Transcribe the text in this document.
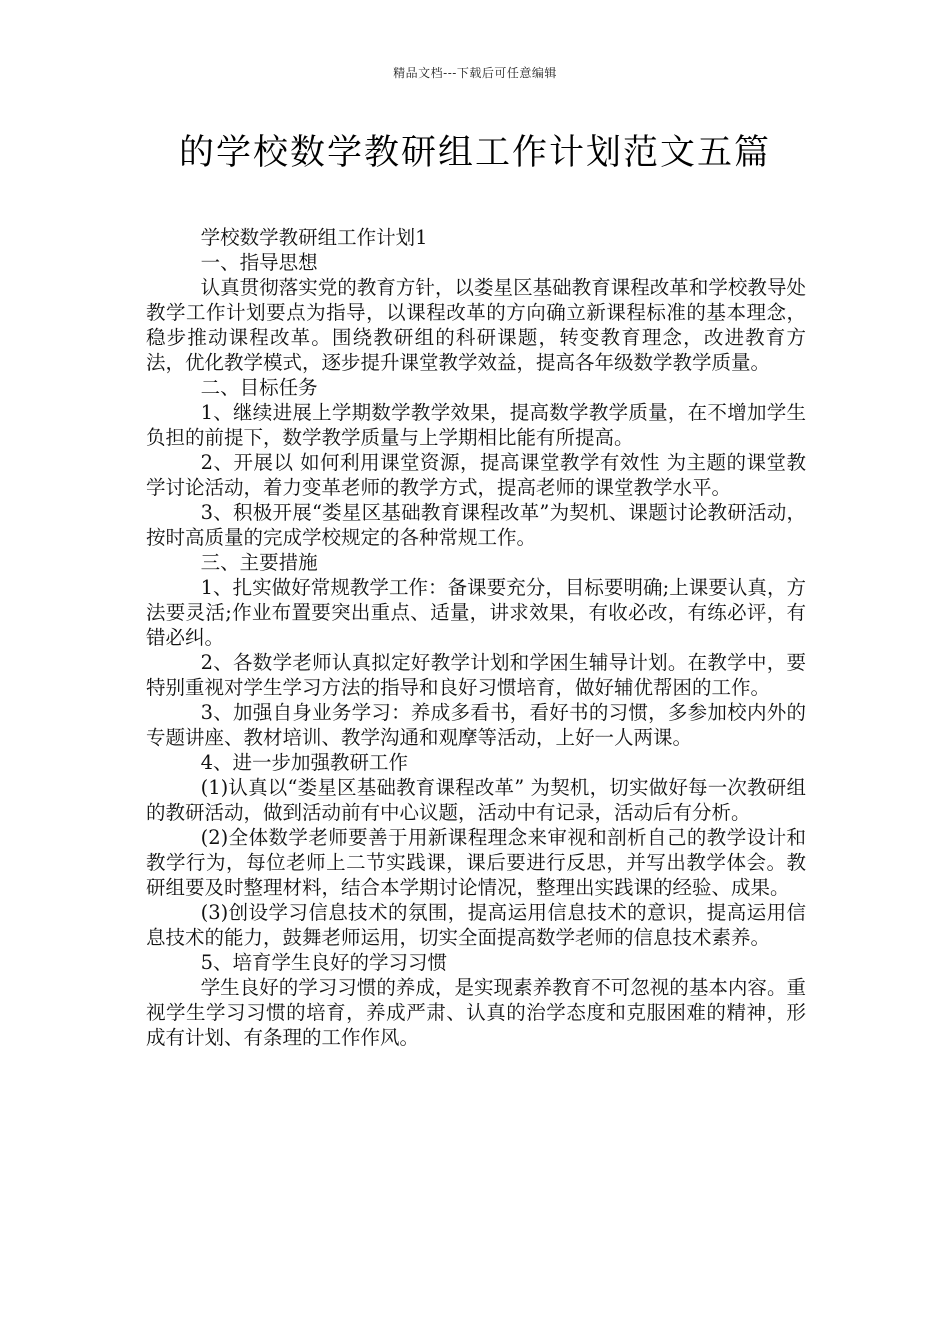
精品文档---下载后可任意编辑
的学校数学教研组工作计划范文五篇

学校数学教研组工作计划1

一、指导思想

认真贯彻落实党的教育方针，以娄星区基础教育课程改革和学校教导处教学工作计划要点为指导，以课程改革的方向确立新课程标准的基本理念，稳步推动课程改革。围绕教研组的科研课题，转变教育理念，改进教育方法，优化教学模式，逐步提升课堂教学效益，提高各年级数学教学质量。

二、目标任务

1、继续进展上学期数学教学效果，提高数学教学质量，在不增加学生负担的前提下，数学教学质量与上学期相比能有所提高。

2、开展以 如何利用课堂资源，提高课堂教学有效性 为主题的课堂教学讨论活动，着力变革老师的教学方式，提高老师的课堂教学水平。

3、积极开展“娄星区基础教育课程改革”为契机、课题讨论教研活动，按时高质量的完成学校规定的各种常规工作。

三、主要措施

1、扎实做好常规教学工作：备课要充分，目标要明确;上课要认真，方法要灵活;作业布置要突出重点、适量，讲求效果，有收必改，有练必评，有错必纠。

2、各数学老师认真拟定好教学计划和学困生辅导计划。在教学中，要特别重视对学生学习方法的指导和良好习惯培育，做好辅优帮困的工作。

3、加强自身业务学习：养成多看书，看好书的习惯，多参加校内外的专题讲座、教材培训、教学沟通和观摩等活动，上好一人两课。

4、进一步加强教研工作

(1)认真以“娄星区基础教育课程改革” 为契机，切实做好每一次教研组的教研活动，做到活动前有中心议题，活动中有记录，活动后有分析。

(2)全体数学老师要善于用新课程理念来审视和剖析自己的教学设计和教学行为，每位老师上二节实践课，课后要进行反思，并写出教学体会。教研组要及时整理材料，结合本学期讨论情况，整理出实践课的经验、成果。

(3)创设学习信息技术的氛围，提高运用信息技术的意识，提高运用信息技术的能力，鼓舞老师运用，切实全面提高数学老师的信息技术素养。

5、培育学生良好的学习习惯

学生良好的学习习惯的养成，是实现素养教育不可忽视的基本内容。重视学生学习习惯的培育，养成严肃、认真的治学态度和克服困难的精神，形成有计划、有条理的工作作风。
